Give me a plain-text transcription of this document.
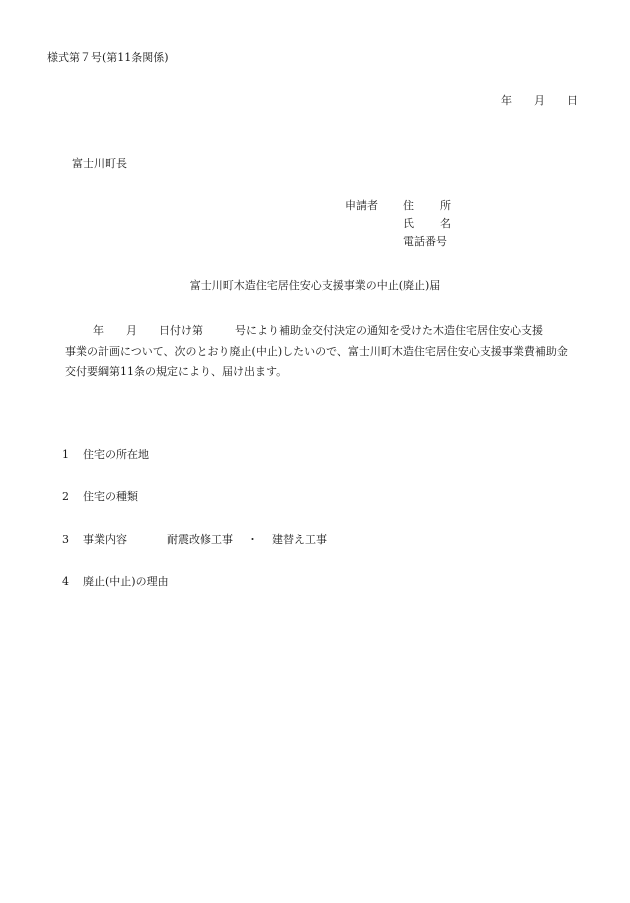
様式第７号(第11条関係)
年 月 日
富士川町長
申請者	住 所
氏 名
電話番号
富士川町木造住宅居住安心支援事業の中止(廃止)届
年 月 日付け第	号により補助金交付決定の通知を受けた木造住宅居住安心支援
事業の計画について、次のとおり廃止(中止)したいので、富士川町木造住宅居住安心支援事業費補助金
交付要綱第11条の規定により、届け出ます。
1 住宅の所在地
2 住宅の種類
3 事業内容	耐震改修工事 ・ 建替え工事
4 廃止(中止)の理由
